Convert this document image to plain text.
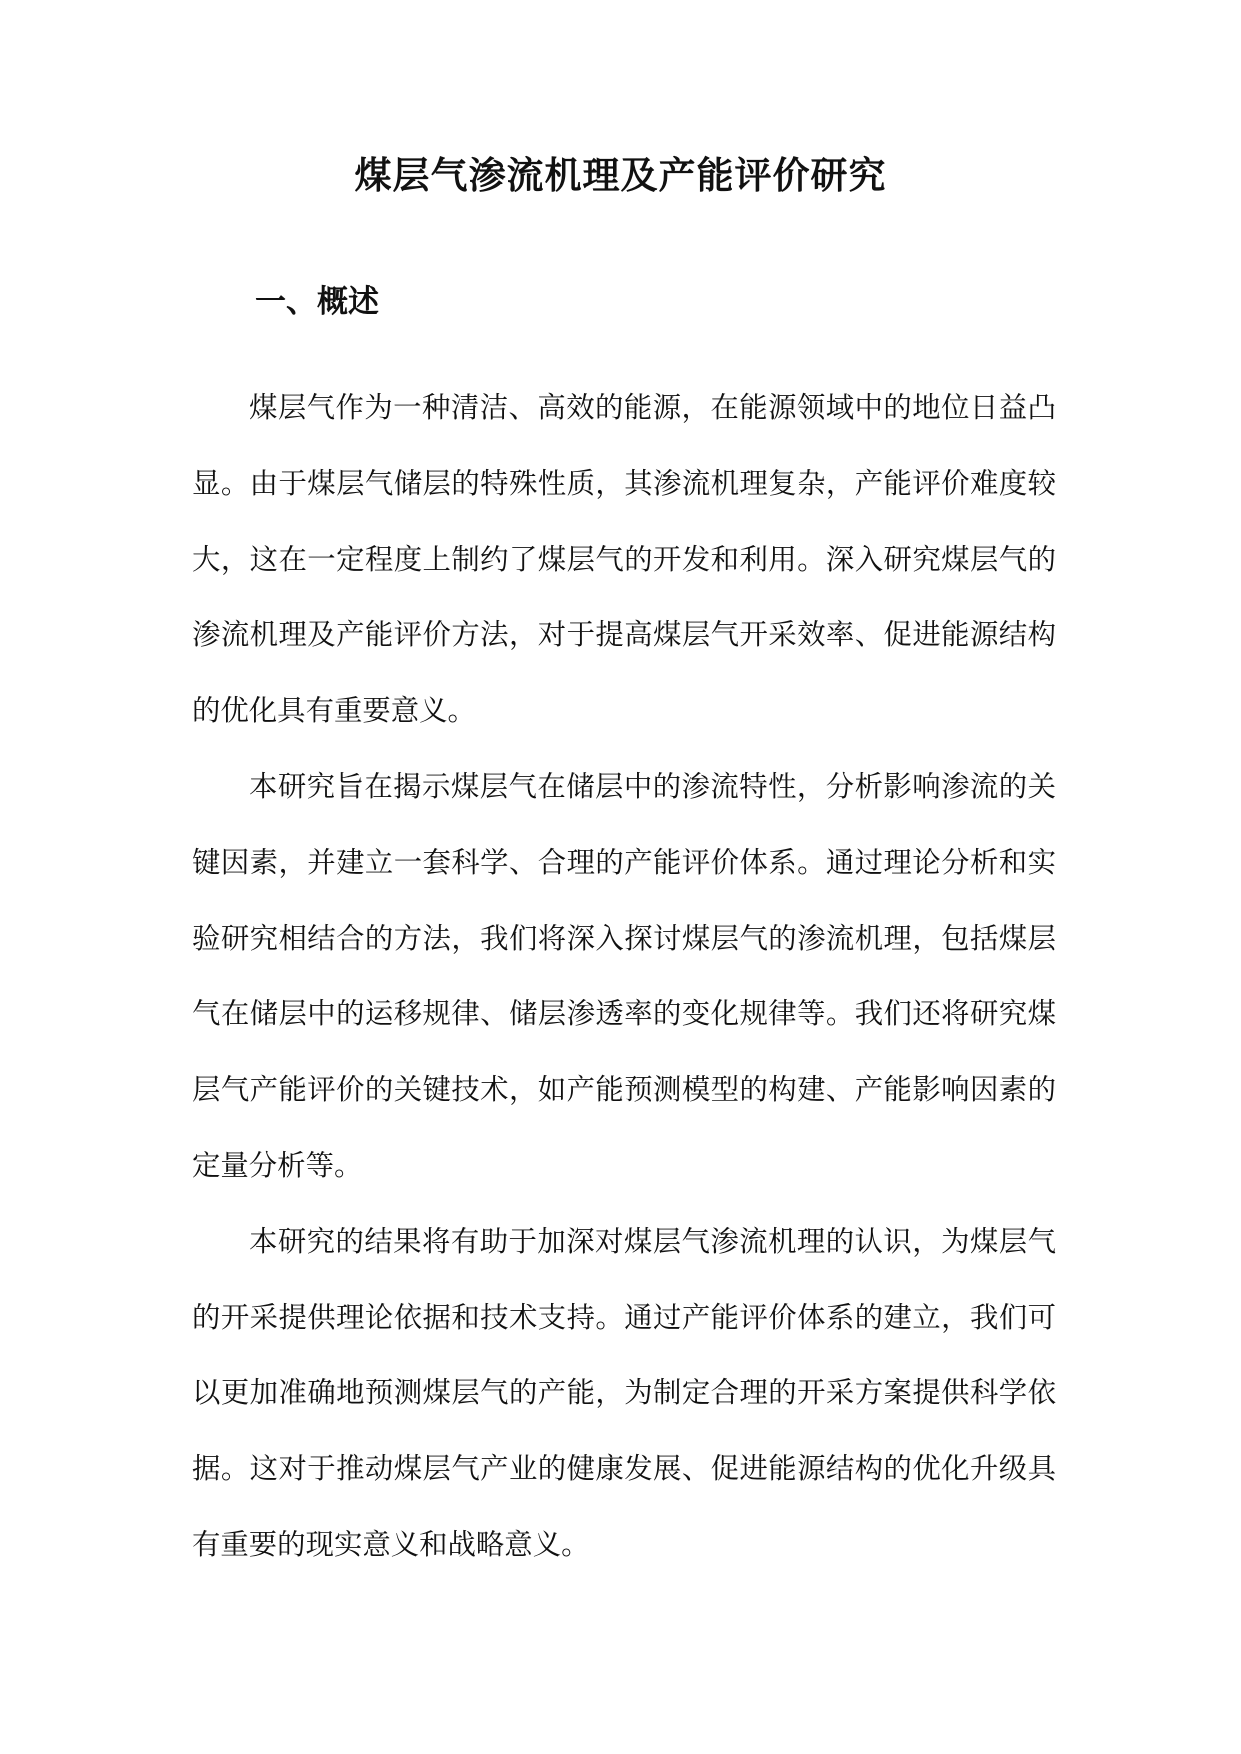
煤层气渗流机理及产能评价研究
一、概述

煤层气作为一种清洁、高效的能源，在能源领域中的地位日益凸显。由于煤层气储层的特殊性质，其渗流机理复杂，产能评价难度较大，这在一定程度上制约了煤层气的开发和利用。深入研究煤层气的渗流机理及产能评价方法，对于提高煤层气开采效率、促进能源结构的优化具有重要意义。

本研究旨在揭示煤层气在储层中的渗流特性，分析影响渗流的关键因素，并建立一套科学、合理的产能评价体系。通过理论分析和实验研究相结合的方法，我们将深入探讨煤层气的渗流机理，包括煤层气在储层中的运移规律、储层渗透率的变化规律等。我们还将研究煤层气产能评价的关键技术，如产能预测模型的构建、产能影响因素的定量分析等。

本研究的结果将有助于加深对煤层气渗流机理的认识，为煤层气的开采提供理论依据和技术支持。通过产能评价体系的建立，我们可以更加准确地预测煤层气的产能，为制定合理的开采方案提供科学依据。这对于推动煤层气产业的健康发展、促进能源结构的优化升级具有重要的现实意义和战略意义。
